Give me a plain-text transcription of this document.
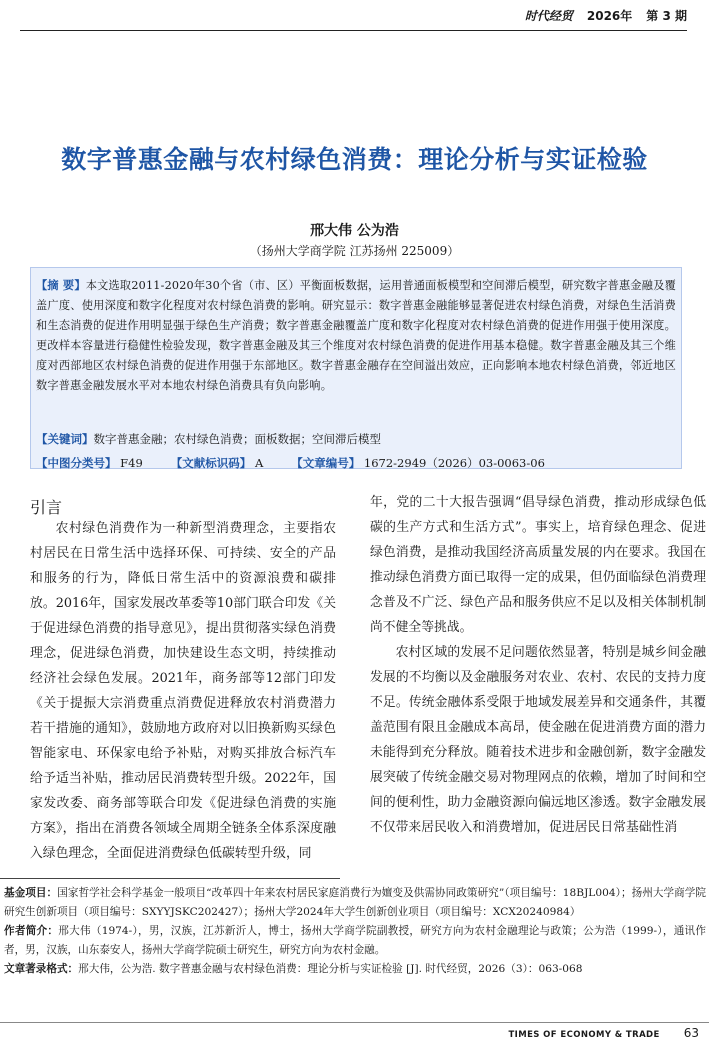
时代经贸 2026年 第 3 期
数字普惠金融与农村绿色消费：理论分析与实证检验
邢大伟 公为浩
（扬州大学商学院 江苏扬州 225009）
【摘 要】本文选取2011-2020年30个省（市、区）平衡面板数据，运用普通面板模型和空间滞后模型，研究数字普惠金融及覆盖广度、使用深度和数字化程度对农村绿色消费的影响。研究显示：数字普惠金融能够显著促进农村绿色消费，对绿色生活消费和生态消费的促进作用明显强于绿色生产消费；数字普惠金融覆盖广度和数字化程度对农村绿色消费的促进作用强于使用深度。更改样本容量进行稳健性检验发现，数字普惠金融及其三个维度对农村绿色消费的促进作用基本稳健。数字普惠金融及其三个维度对西部地区农村绿色消费的促进作用强于东部地区。数字普惠金融存在空间溢出效应，正向影响本地农村绿色消费，邻近地区数字普惠金融发展水平对本地农村绿色消费具有负向影响。
【关键词】数字普惠金融；农村绿色消费；面板数据；空间滞后模型
【中图分类号】 F49	【文献标识码】 A	【文章编号】 1672-2949（2026）03-0063-06
引言

农村绿色消费作为一种新型消费理念，主要指农村居民在日常生活中选择环保、可持续、安全的产品和服务的行为，降低日常生活中的资源浪费和碳排放。2016年，国家发展改革委等10部门联合印发《关于促进绿色消费的指导意见》，提出贯彻落实绿色消费理念，促进绿色消费，加快建设生态文明，持续推动经济社会绿色发展。2021年，商务部等12部门印发《关于提振大宗消费重点消费促进释放农村消费潜力若干措施的通知》，鼓励地方政府对以旧换新购买绿色智能家电、环保家电给予补贴，对购买排放合标汽车给予适当补贴，推动居民消费转型升级。2022年，国家发改委、商务部等联合印发《促进绿色消费的实施方案》，指出在消费各领域全周期全链条全体系深度融入绿色理念，全面促进消费绿色低碳转型升级，同

年，党的二十大报告强调“倡导绿色消费，推动形成绿色低碳的生产方式和生活方式”。事实上，培育绿色理念、促进绿色消费，是推动我国经济高质量发展的内在要求。我国在推动绿色消费方面已取得一定的成果，但仍面临绿色消费理念普及不广泛、绿色产品和服务供应不足以及相关体制机制尚不健全等挑战。

农村区域的发展不足问题依然显著，特别是城乡间金融发展的不均衡以及金融服务对农业、农村、农民的支持力度不足。传统金融体系受限于地域发展差异和交通条件，其覆盖范围有限且金融成本高昂，使金融在促进消费方面的潜力未能得到充分释放。随着技术进步和金融创新，数字金融发展突破了传统金融交易对物理网点的依赖，增加了时间和空间的便利性，助力金融资源向偏远地区渗透。数字金融发展不仅带来居民收入和消费增加，促进居民日常基础性消

基金项目：国家哲学社会科学基金一般项目“改革四十年来农村居民家庭消费行为嬗变及供需协同政策研究”（项目编号：18BJL004）；扬州大学商学院研究生创新项目（项目编号：SXYYJSKC202427）；扬州大学2024年大学生创新创业项目（项目编号：XCX20240984）
作者简介：邢大伟（1974-），男，汉族，江苏新沂人，博士，扬州大学商学院副教授，研究方向为农村金融理论与政策；公为浩（1999-），通讯作者，男，汉族，山东泰安人，扬州大学商学院硕士研究生，研究方向为农村金融。
文章著录格式：邢大伟，公为浩. 数字普惠金融与农村绿色消费：理论分析与实证检验 [J]. 时代经贸，2026（3）：063-068
TIMES OF ECONOMY & TRADE 63
